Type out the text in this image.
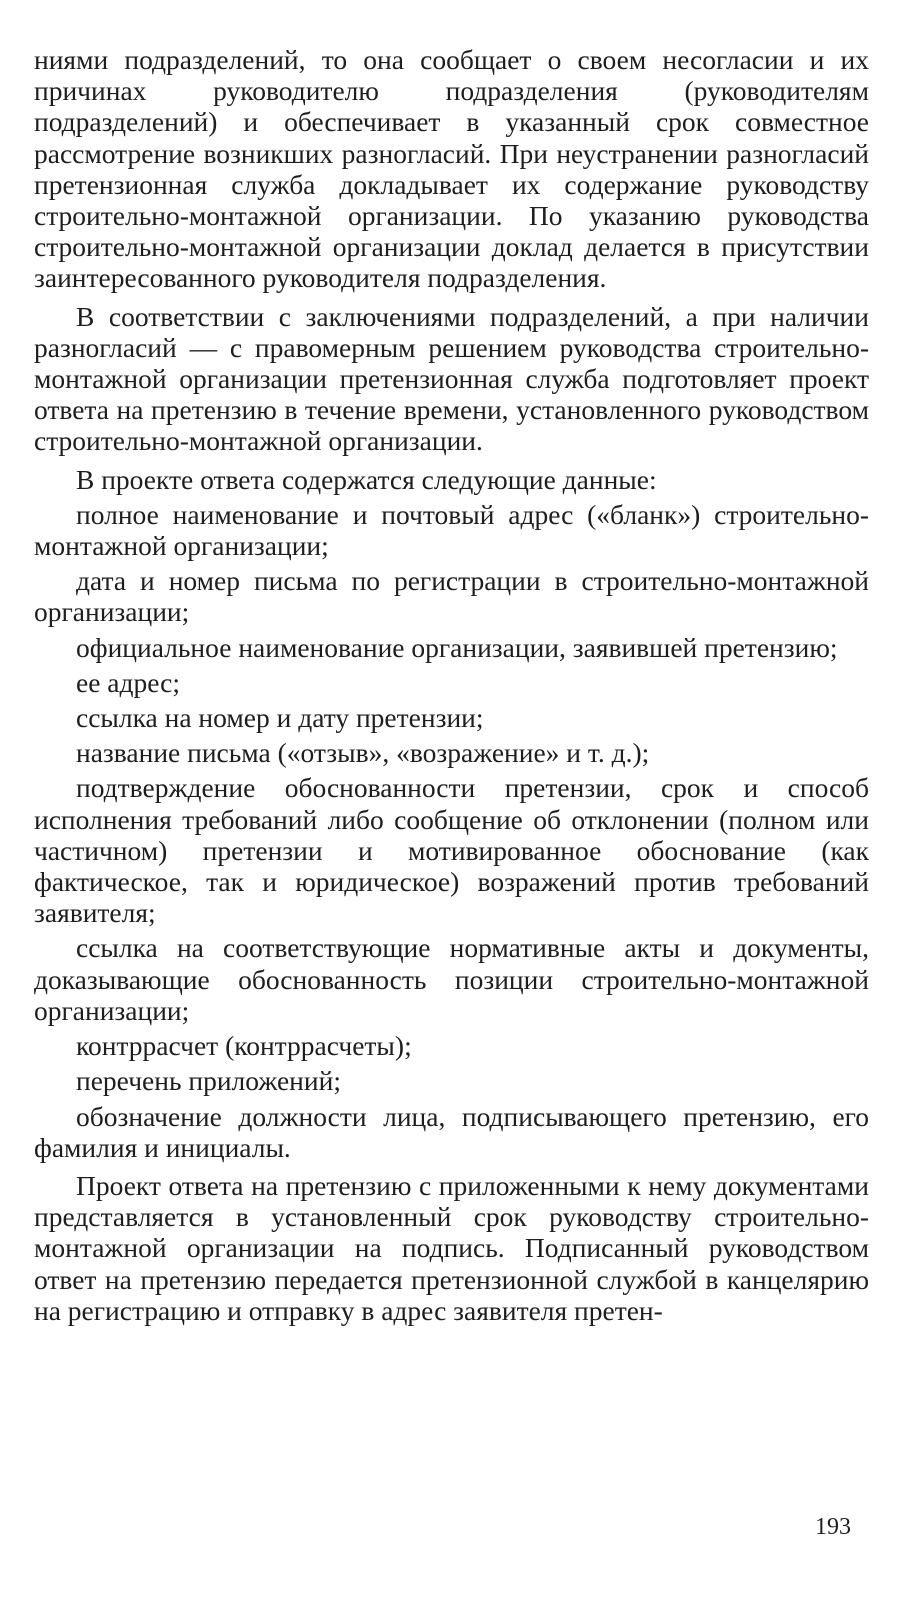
ниями подразделений, то она сообщает о своем несогласии и их причинах руководителю подразделения (руководителям подразделений) и обеспечивает в указанный срок совместное рассмотрение возникших разногласий. При неустранении разногласий претензионная служба докладывает их содержание руководству строительно-монтажной организации. По указанию руководства строительно-монтажной организации доклад делается в присутствии заинтересованного руководителя подразделения.

В соответствии с заключениями подразделений, а при наличии разногласий — с правомерным решением руководства строительно-монтажной организации претензионная служба подготовляет проект ответа на претензию в течение времени, установленного руководством строительно-монтажной организации.

В проекте ответа содержатся следующие данные:

полное наименование и почтовый адрес («бланк») строительно-монтажной организации;

дата и номер письма по регистрации в строительно-монтажной организации;

официальное наименование организации, заявившей претензию;

ее адрес;

ссылка на номер и дату претензии;

название письма («отзыв», «возражение» и т. д.);

подтверждение обоснованности претензии, срок и способ исполнения требований либо сообщение об отклонении (полном или частичном) претензии и мотивированное обоснование (как фактическое, так и юридическое) возражений против требований заявителя;

ссылка на соответствующие нормативные акты и документы, доказывающие обоснованность позиции строительно-монтажной организации;

контррасчет (контррасчеты);

перечень приложений;

обозначение должности лица, подписывающего претензию, его фамилия и инициалы.

Проект ответа на претензию с приложенными к нему документами представляется в установленный срок руководству строительно-монтажной организации на подпись. Подписанный руководством ответ на претензию передается претензионной службой в канцелярию на регистрацию и отправку в адрес заявителя претен-

193
